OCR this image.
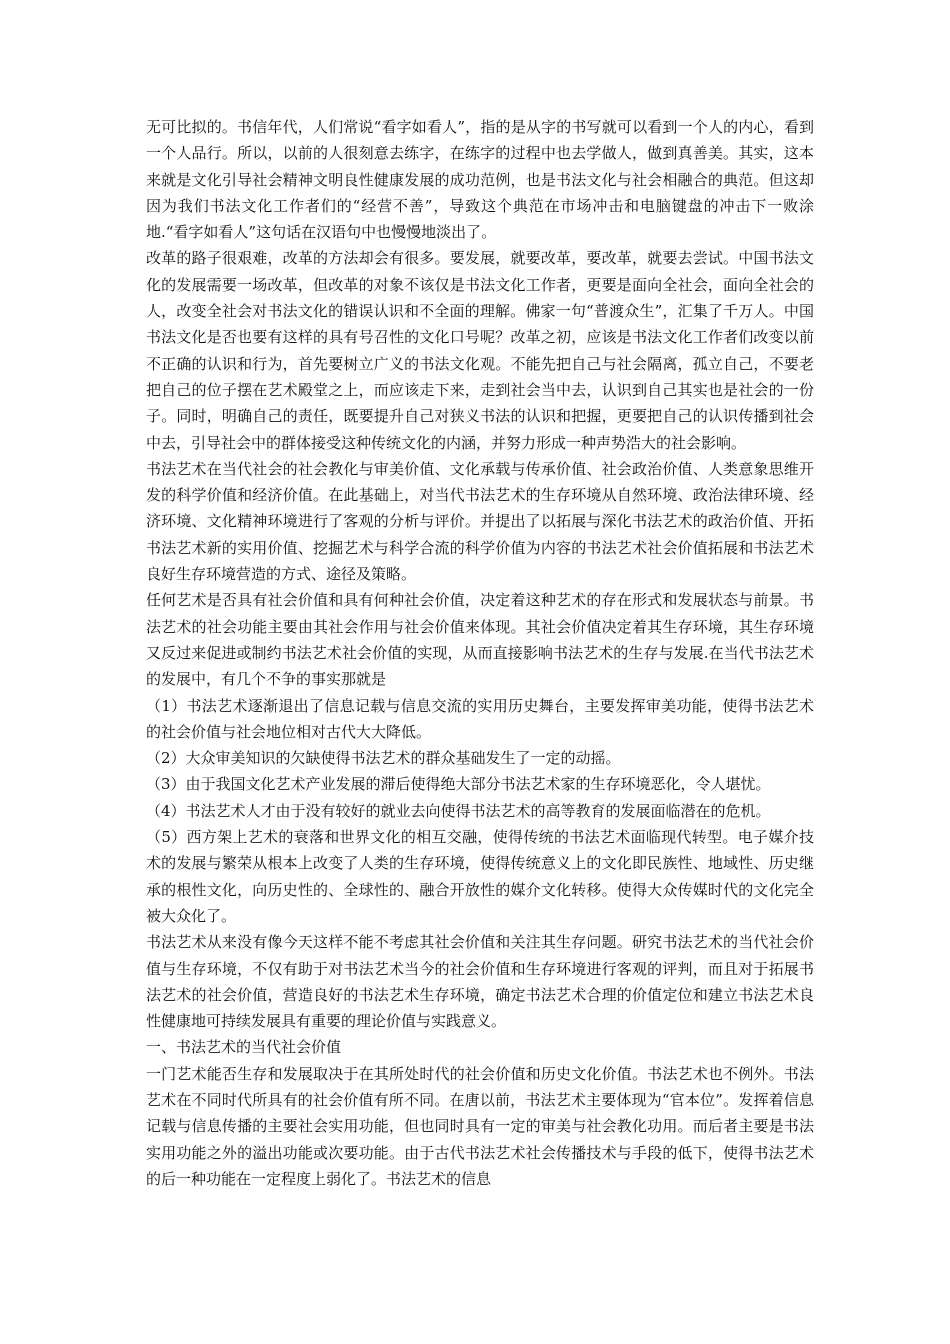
无可比拟的。书信年代，人们常说“看字如看人”，指的是从字的书写就可以看到一个人的内心，看到一个人品行。所以，以前的人很刻意去练字，在练字的过程中也去学做人，做到真善美。其实，这本来就是文化引导社会精神文明良性健康发展的成功范例，也是书法文化与社会相融合的典范。但这却因为我们书法文化工作者们的“经营不善”，导致这个典范在市场冲击和电脑键盘的冲击下一败涂地.“看字如看人”这句话在汉语句中也慢慢地淡出了。

改革的路子很艰难，改革的方法却会有很多。要发展，就要改革，要改革，就要去尝试。中国书法文化的发展需要一场改革，但改革的对象不该仅是书法文化工作者，更要是面向全社会，面向全社会的人，改变全社会对书法文化的错误认识和不全面的理解。佛家一句“普渡众生”，汇集了千万人。中国书法文化是否也要有这样的具有号召性的文化口号呢？改革之初，应该是书法文化工作者们改变以前不正确的认识和行为，首先要树立广义的书法文化观。不能先把自己与社会隔离，孤立自己，不要老把自己的位子摆在艺术殿堂之上，而应该走下来，走到社会当中去，认识到自己其实也是社会的一份子。同时，明确自己的责任，既要提升自己对狭义书法的认识和把握，更要把自己的认识传播到社会中去，引导社会中的群体接受这种传统文化的内涵，并努力形成一种声势浩大的社会影响。

书法艺术在当代社会的社会教化与审美价值、文化承载与传承价值、社会政治价值、人类意象思维开发的科学价值和经济价值。在此基础上，对当代书法艺术的生存环境从自然环境、政治法律环境、经济环境、文化精神环境进行了客观的分析与评价。并提出了以拓展与深化书法艺术的政治价值、开拓书法艺术新的实用价值、挖掘艺术与科学合流的科学价值为内容的书法艺术社会价值拓展和书法艺术良好生存环境营造的方式、途径及策略。

任何艺术是否具有社会价值和具有何种社会价值，决定着这种艺术的存在形式和发展状态与前景。书法艺术的社会功能主要由其社会作用与社会价值来体现。其社会价值决定着其生存环境，其生存环境又反过来促进或制约书法艺术社会价值的实现，从而直接影响书法艺术的生存与发展.在当代书法艺术的发展中，有几个不争的事实那就是

（1）书法艺术逐渐退出了信息记载与信息交流的实用历史舞台，主要发挥审美功能，使得书法艺术的社会价值与社会地位相对古代大大降低。

（2）大众审美知识的欠缺使得书法艺术的群众基础发生了一定的动摇。

（3）由于我国文化艺术产业发展的滞后使得绝大部分书法艺术家的生存环境恶化，令人堪忧。

（4）书法艺术人才由于没有较好的就业去向使得书法艺术的高等教育的发展面临潜在的危机。

（5）西方架上艺术的衰落和世界文化的相互交融，使得传统的书法艺术面临现代转型。电子媒介技术的发展与繁荣从根本上改变了人类的生存环境，使得传统意义上的文化即民族性、地域性、历史继承的根性文化，向历史性的、全球性的、融合开放性的媒介文化转移。使得大众传媒时代的文化完全被大众化了。

书法艺术从来没有像今天这样不能不考虑其社会价值和关注其生存问题。研究书法艺术的当代社会价值与生存环境，不仅有助于对书法艺术当今的社会价值和生存环境进行客观的评判，而且对于拓展书法艺术的社会价值，营造良好的书法艺术生存环境，确定书法艺术合理的价值定位和建立书法艺术良性健康地可持续发展具有重要的理论价值与实践意义。

一、书法艺术的当代社会价值

一门艺术能否生存和发展取决于在其所处时代的社会价值和历史文化价值。书法艺术也不例外。书法艺术在不同时代所具有的社会价值有所不同。在唐以前，书法艺术主要体现为“官本位”。发挥着信息记载与信息传播的主要社会实用功能，但也同时具有一定的审美与社会教化功用。而后者主要是书法实用功能之外的溢出功能或次要功能。由于古代书法艺术社会传播技术与手段的低下，使得书法艺术的后一种功能在一定程度上弱化了。书法艺术的信息
